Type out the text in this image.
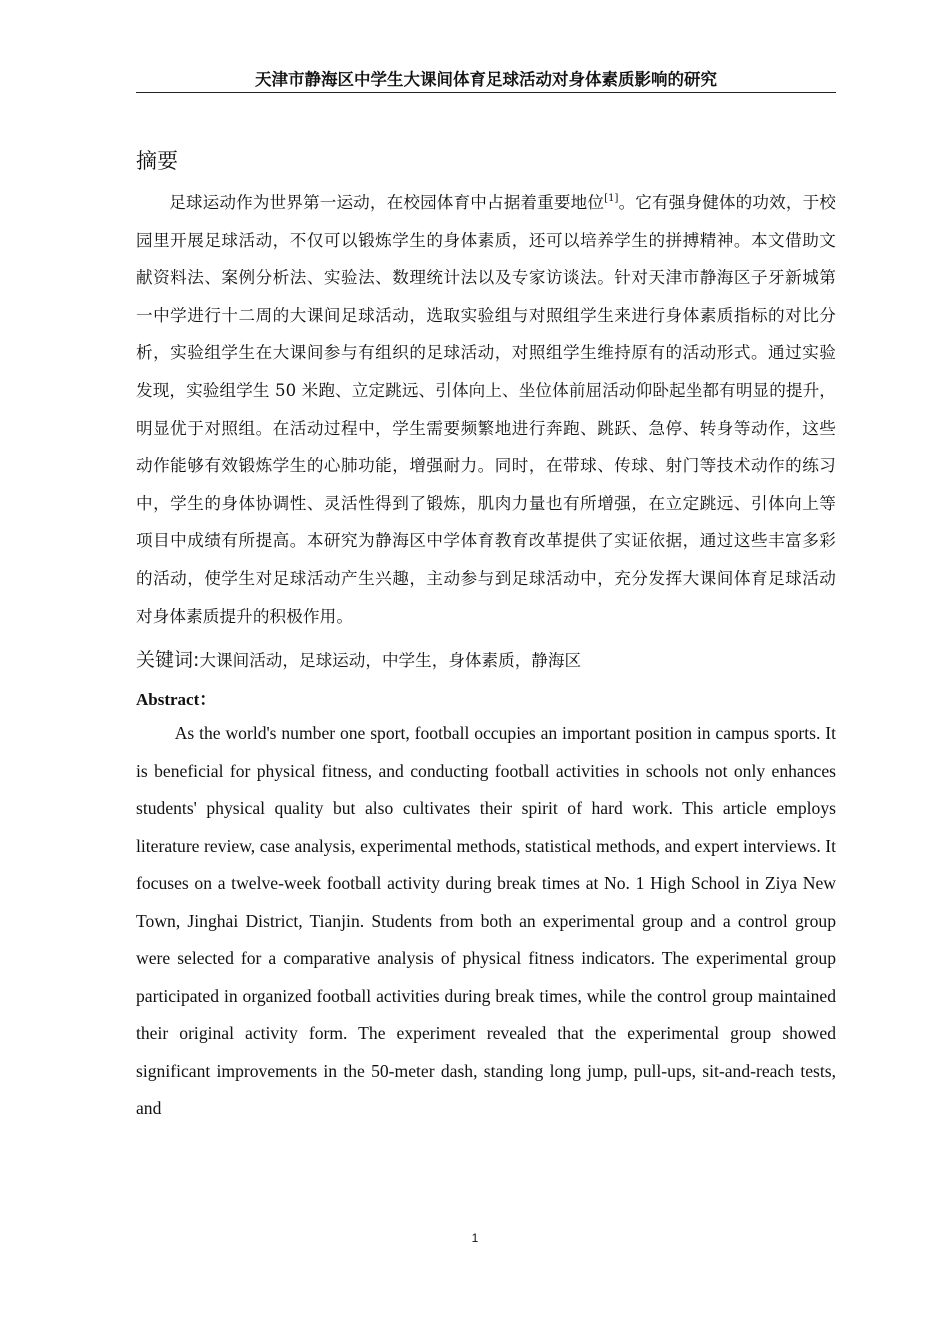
天津市静海区中学生大课间体育足球活动对身体素质影响的研究
摘要

足球运动作为世界第一运动，在校园体育中占据着重要地位[1]。它有强身健体的功效，于校园里开展足球活动，不仅可以锻炼学生的身体素质，还可以培养学生的拼搏精神。本文借助文献资料法、案例分析法、实验法、数理统计法以及专家访谈法。针对天津市静海区子牙新城第一中学进行十二周的大课间足球活动，选取实验组与对照组学生来进行身体素质指标的对比分析，实验组学生在大课间参与有组织的足球活动，对照组学生维持原有的活动形式。通过实验发现，实验组学生 50 米跑、立定跳远、引体向上、坐位体前屈活动仰卧起坐都有明显的提升，明显优于对照组。在活动过程中，学生需要频繁地进行奔跑、跳跃、急停、转身等动作，这些动作能够有效锻炼学生的心肺功能，增强耐力。同时，在带球、传球、射门等技术动作的练习中，学生的身体协调性、灵活性得到了锻炼，肌肉力量也有所增强，在立定跳远、引体向上等项目中成绩有所提高。本研究为静海区中学体育教育改革提供了实证依据，通过这些丰富多彩的活动，使学生对足球活动产生兴趣，主动参与到足球活动中，充分发挥大课间体育足球活动对身体素质提升的积极作用。

关键词:大课间活动，足球运动，中学生，身体素质，静海区
Abstract：

As the world's number one sport, football occupies an important position in campus sports. It is beneficial for physical fitness, and conducting football activities in schools not only enhances students' physical quality but also cultivates their spirit of hard work. This article employs literature review, case analysis, experimental methods, statistical methods, and expert interviews. It focuses on a twelve-week football activity during break times at No. 1 High School in Ziya New Town, Jinghai District, Tianjin. Students from both an experimental group and a control group were selected for a comparative analysis of physical fitness indicators. The experimental group participated in organized football activities during break times, while the control group maintained their original activity form. The experiment revealed that the experimental group showed significant improvements in the 50-meter dash, standing long jump, pull-ups, sit-and-reach tests, and

1
